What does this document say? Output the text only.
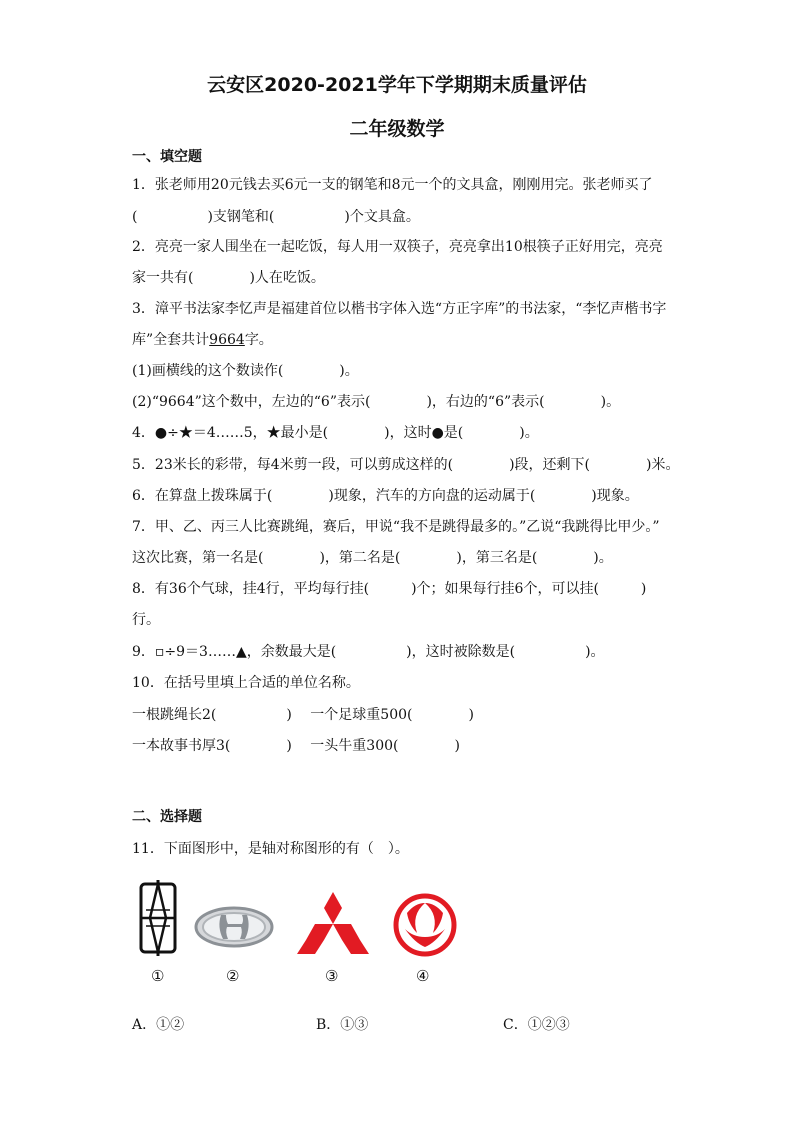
云安区2020-2021学年下学期期末质量评估
二年级数学
一、填空题
1．张老师用20元钱去买6元一支的钢笔和8元一个的文具盒，刚刚用完。张老师买了
(　　　　　)支钢笔和(　　　　　)个文具盒。
2．亮亮一家人围坐在一起吃饭，每人用一双筷子，亮亮拿出10根筷子正好用完，亮亮
家一共有(　　　　)人在吃饭。
3．漳平书法家李忆声是福建首位以楷书字体入选“方正字库”的书法家，“李忆声楷书字
库”全套共计9664字。
(1)画横线的这个数读作(　　　　)。
(2)“9664”这个数中，左边的“6”表示(　　　　)，右边的“6”表示(　　　　)。
4．●÷★＝4……5，★最小是(　　　　)，这时●是(　　　　)。
5．23米长的彩带，每4米剪一段，可以剪成这样的(　　　　)段，还剩下(　　　　)米。
6．在算盘上拨珠属于(　　　　)现象，汽车的方向盘的运动属于(　　　　)现象。
7．甲、乙、丙三人比赛跳绳，赛后，甲说“我不是跳得最多的。”乙说“我跳得比甲少。”
这次比赛，第一名是(　　　　)，第二名是(　　　　)，第三名是(　　　　)。
8．有36个气球，挂4行，平均每行挂(　　　)个；如果每行挂6个，可以挂(　　　)
行。
9．▫÷9＝3……▲，余数最大是(　　　　　)，这时被除数是(　　　　　)。
10．在括号里填上合适的单位名称。
一根跳绳长2(　　　　　)　 一个足球重500(　　　　)
一本故事书厚3(　　　　)　 一头牛重300(　　　　)
二、选择题
11．下面图形中，是轴对称图形的有（　）。
①	②	③	④
A．①②	B．①③	C．①②③
